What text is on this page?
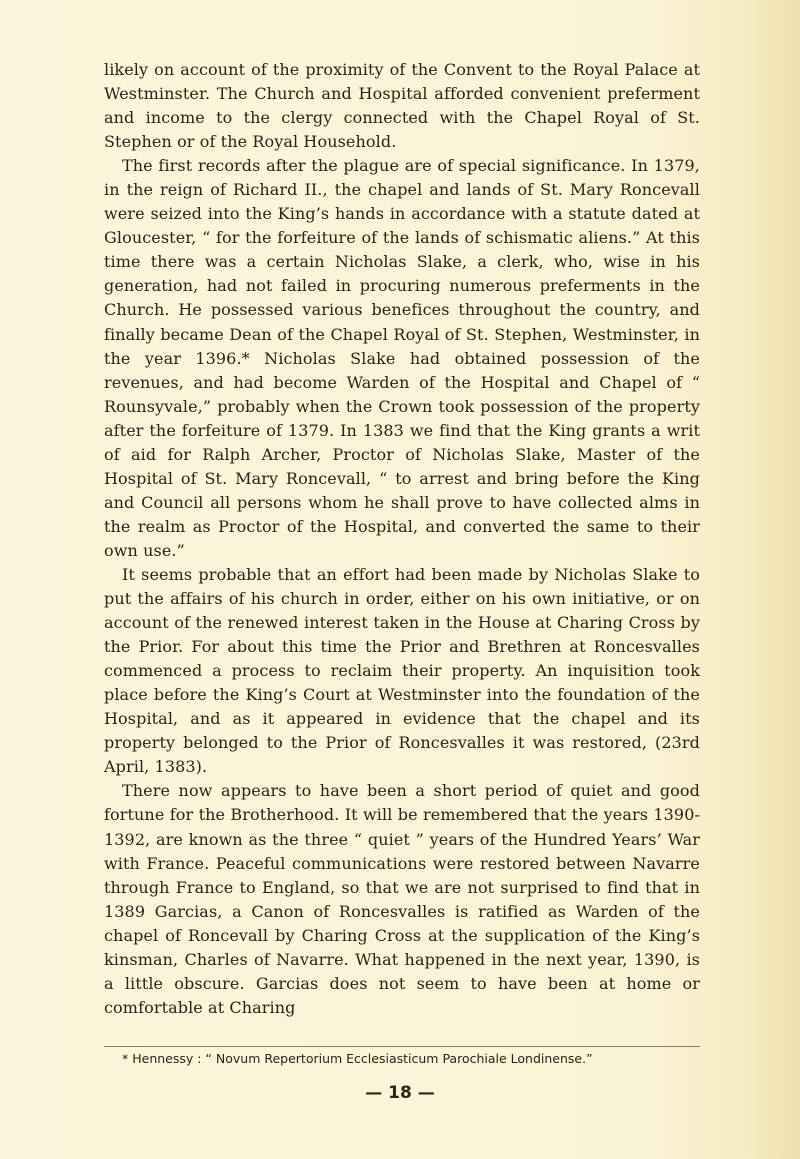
likely on account of the proximity of the Convent to the Royal Palace at Westminster. The Church and Hospital afforded convenient preferment and income to the clergy connected with the Chapel Royal of St. Stephen or of the Royal Household.

The first records after the plague are of special significance. In 1379, in the reign of Richard II., the chapel and lands of St. Mary Roncevall were seized into the King’s hands in accordance with a statute dated at Gloucester, “ for the forfeiture of the lands of schismatic aliens.” At this time there was a certain Nicholas Slake, a clerk, who, wise in his generation, had not failed in procuring numerous preferments in the Church. He possessed various benefices throughout the country, and finally became Dean of the Chapel Royal of St. Stephen, Westminster, in the year 1396.* Nicholas Slake had obtained possession of the revenues, and had become Warden of the Hospital and Chapel of “ Rounsyvale,” probably when the Crown took possession of the property after the forfeiture of 1379. In 1383 we find that the King grants a writ of aid for Ralph Archer, Proctor of Nicholas Slake, Master of the Hospital of St. Mary Roncevall, “ to arrest and bring before the King and Council all persons whom he shall prove to have collected alms in the realm as Proctor of the Hospital, and converted the same to their own use.”

It seems probable that an effort had been made by Nicholas Slake to put the affairs of his church in order, either on his own initiative, or on account of the renewed interest taken in the House at Charing Cross by the Prior. For about this time the Prior and Brethren at Roncesvalles commenced a process to reclaim their property. An inquisition took place before the King’s Court at Westminster into the foundation of the Hospital, and as it appeared in evidence that the chapel and its property belonged to the Prior of Roncesvalles it was restored, (23rd April, 1383).

There now appears to have been a short period of quiet and good fortune for the Brotherhood. It will be remembered that the years 1390-1392, are known as the three “ quiet ” years of the Hundred Years’ War with France. Peaceful communications were restored between Navarre through France to England, so that we are not surprised to find that in 1389 Garcias, a Canon of Roncesvalles is ratified as Warden of the chapel of Roncevall by Charing Cross at the supplication of the King’s kinsman, Charles of Navarre. What happened in the next year, 1390, is a little obscure. Garcias does not seem to have been at home or comfortable at Charing

* Hennessy : “ Novum Repertorium Ecclesiasticum Parochiale Londinense.”
— 18 —
